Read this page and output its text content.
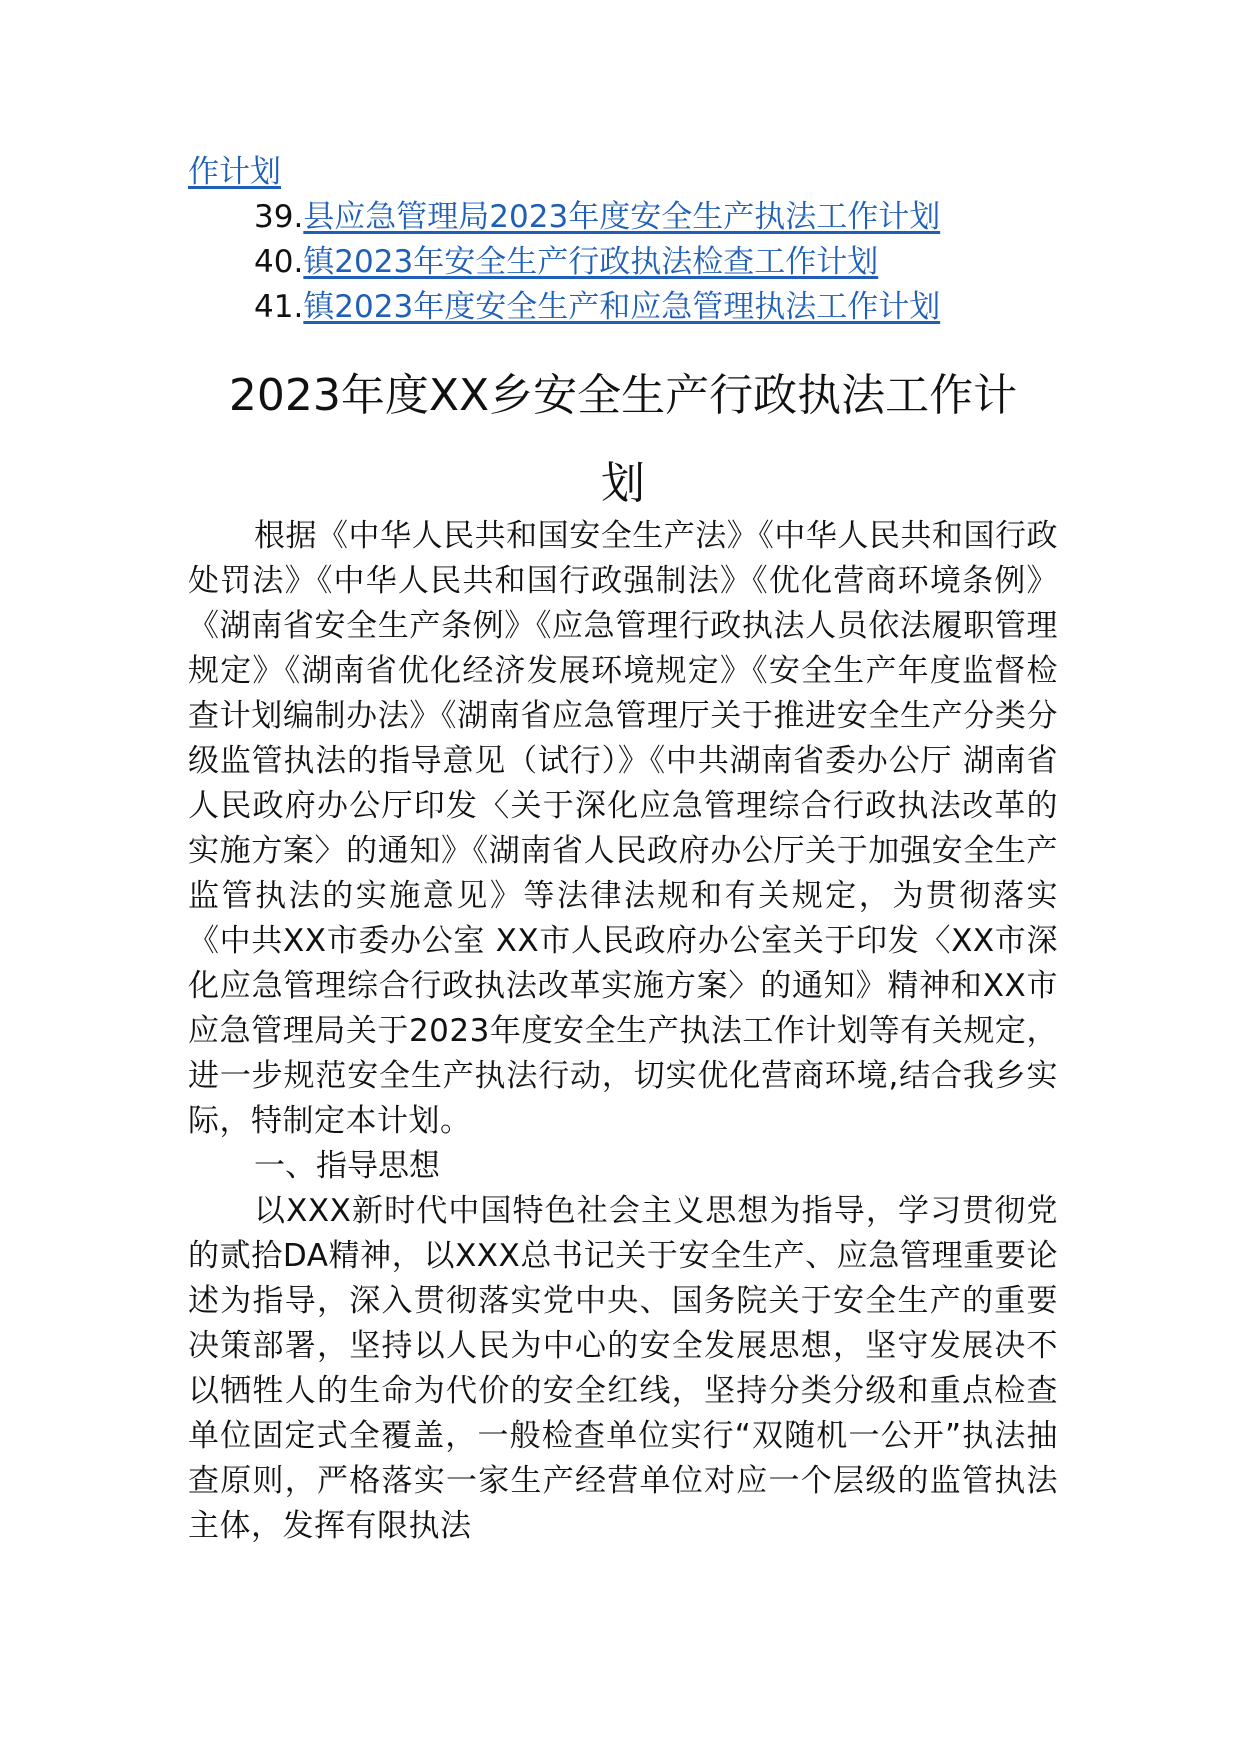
作计划
39.县应急管理局2023年度安全生产执法工作计划
40.镇2023年安全生产行政执法检查工作计划
41.镇2023年度安全生产和应急管理执法工作计划
2023年度XX乡安全生产行政执法工作计
划

根据《中华人民共和国安全生产法》《中华人民共和国行政处罚法》《中华人民共和国行政强制法》《优化营商环境条例》《湖南省安全生产条例》《应急管理行政执法人员依法履职管理规定》《湖南省优化经济发展环境规定》《安全生产年度监督检查计划编制办法》《湖南省应急管理厅关于推进安全生产分类分级监管执法的指导意见（试行）》《中共湖南省委办公厅 湖南省人民政府办公厅印发〈关于深化应急管理综合行政执法改革的实施方案〉的通知》《湖南省人民政府办公厅关于加强安全生产监管执法的实施意见》等法律法规和有关规定，为贯彻落实《中共XX市委办公室 XX市人民政府办公室关于印发〈XX市深化应急管理综合行政执法改革实施方案〉的通知》精神和XX市应急管理局关于2023年度安全生产执法工作计划等有关规定，进一步规范安全生产执法行动，切实优化营商环境,结合我乡实际，特制定本计划。

一、指导思想

以XXX新时代中国特色社会主义思想为指导，学习贯彻党的贰拾DA精神，以XXX总书记关于安全生产、应急管理重要论述为指导，深入贯彻落实党中央、国务院关于安全生产的重要决策部署，坚持以人民为中心的安全发展思想，坚守发展决不以牺牲人的生命为代价的安全红线，坚持分类分级和重点检查单位固定式全覆盖，一般检查单位实行“双随机一公开”执法抽查原则，严格落实一家生产经营单位对应一个层级的监管执法主体，发挥有限执法
